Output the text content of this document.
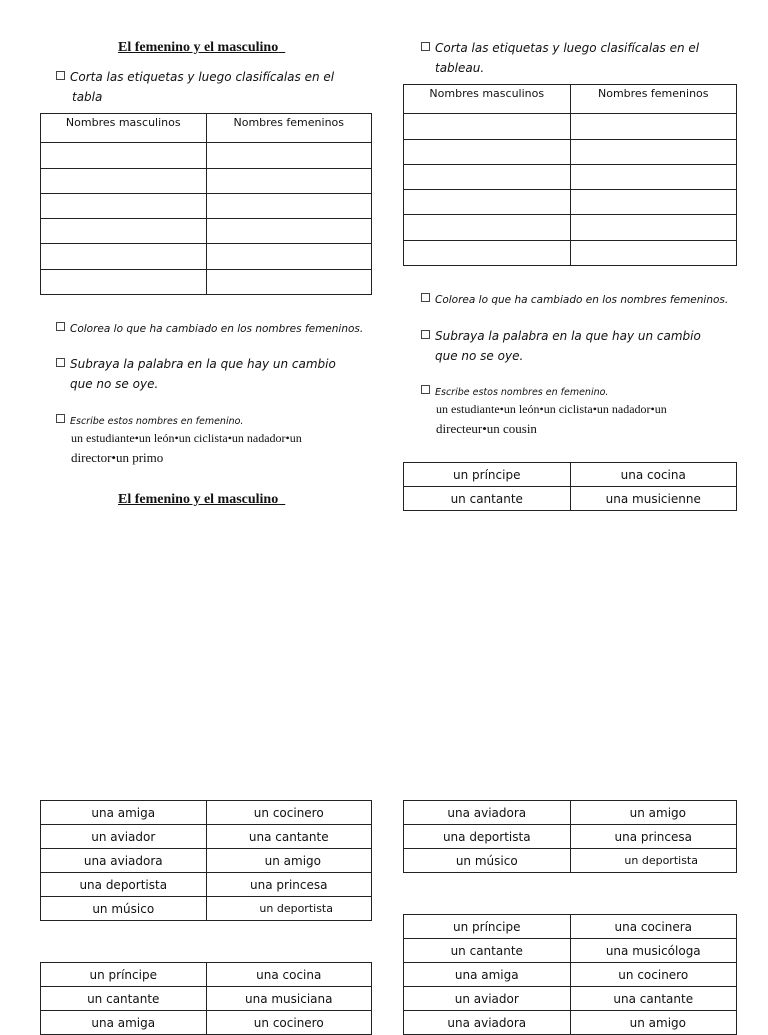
El femenino y el masculino
Corta las etiquetas y luego clasifícalas en el
tabla
Nombres masculinos	Nombres femeninos

Colorea lo que ha cambiado en los nombres femeninos.
Subraya la palabra en la que hay un cambio
que no se oye.
Escribe estos nombres en femenino.
un estudiante•un león•un ciclista•un nadador•un
director•un primo
El femenino y el masculino
Corta las etiquetas y luego clasifícalas en el
tableau.
Nombres masculinos	Nombres femeninos

Colorea lo que ha cambiado en los nombres femeninos.
Subraya la palabra en la que hay un cambio
que no se oye.
Escribe estos nombres en femenino.
un estudiante•un león•un ciclista•un nadador•un
directeur•un cousin
un príncipe	una cocina
un cantante	una musicienne
una amiga	un cocinero
un aviador	una cantante
una aviadora	un amigo
una deportista	una princesa
un músico	un deportista
una aviadora	un amigo
una deportista	una princesa
un músico	un deportista
un príncipe	una cocina
un cantante	una musiciana
una amiga	un cocinero
un príncipe	una cocinera
un cantante	una musicóloga
una amiga	un cocinero
un aviador	una cantante
una aviadora	un amigo
